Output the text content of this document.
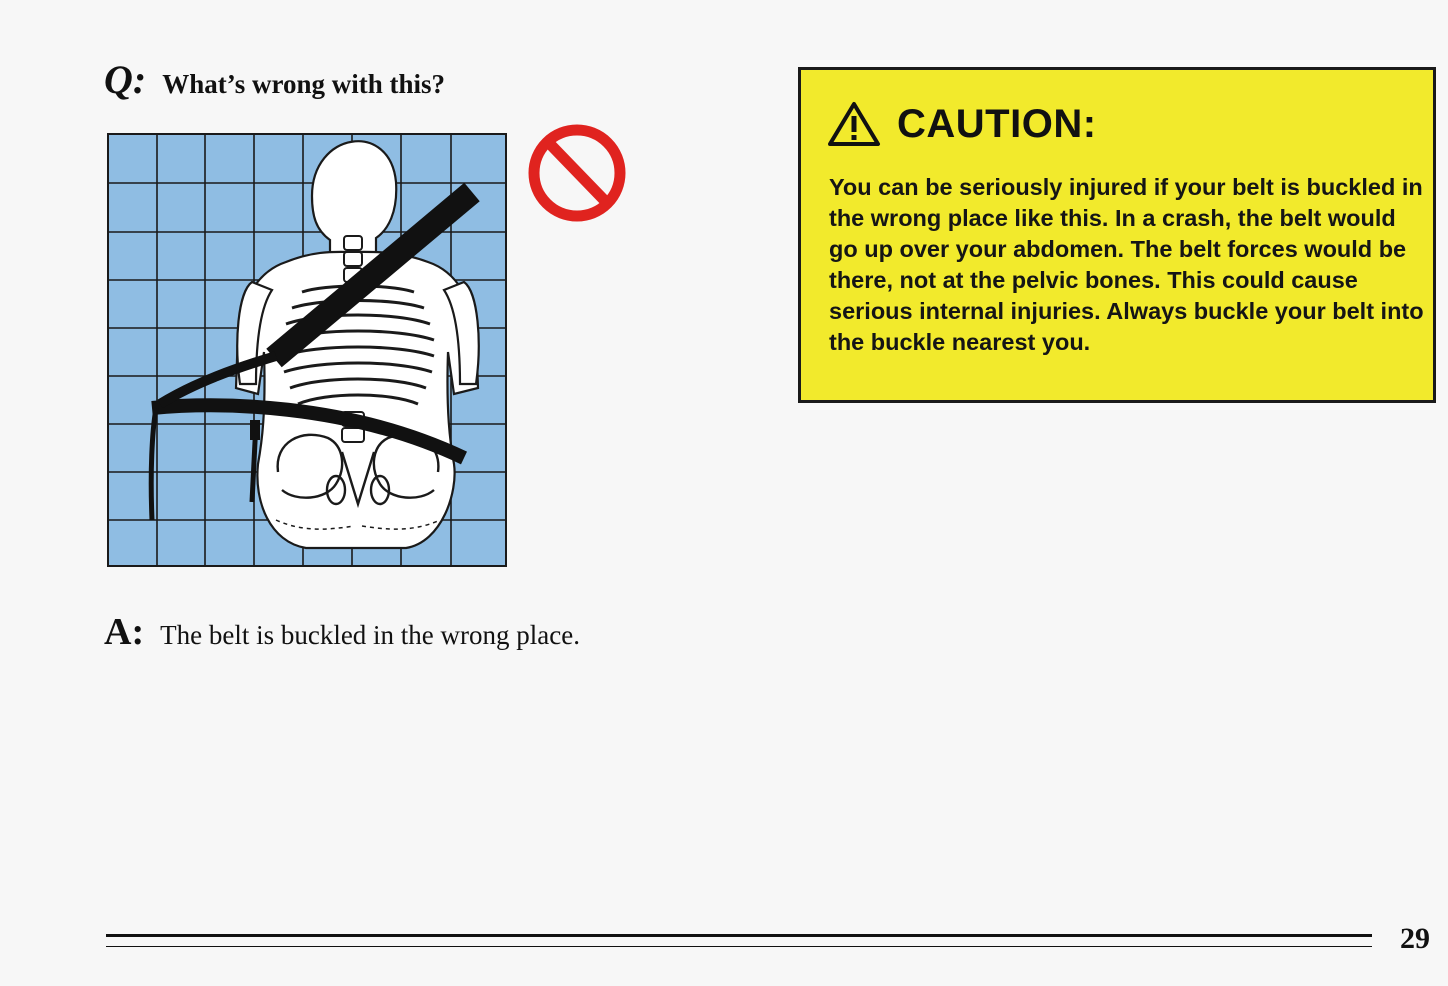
Q: What’s wrong with this?
A: The belt is buckled in the wrong place.
CAUTION:
You can be seriously injured if your belt is buckled in the wrong place like this. In a crash, the belt would go up over your abdomen. The belt forces would be there, not at the pelvic bones. This could cause serious internal injuries. Always buckle your belt into the buckle nearest you.
29
